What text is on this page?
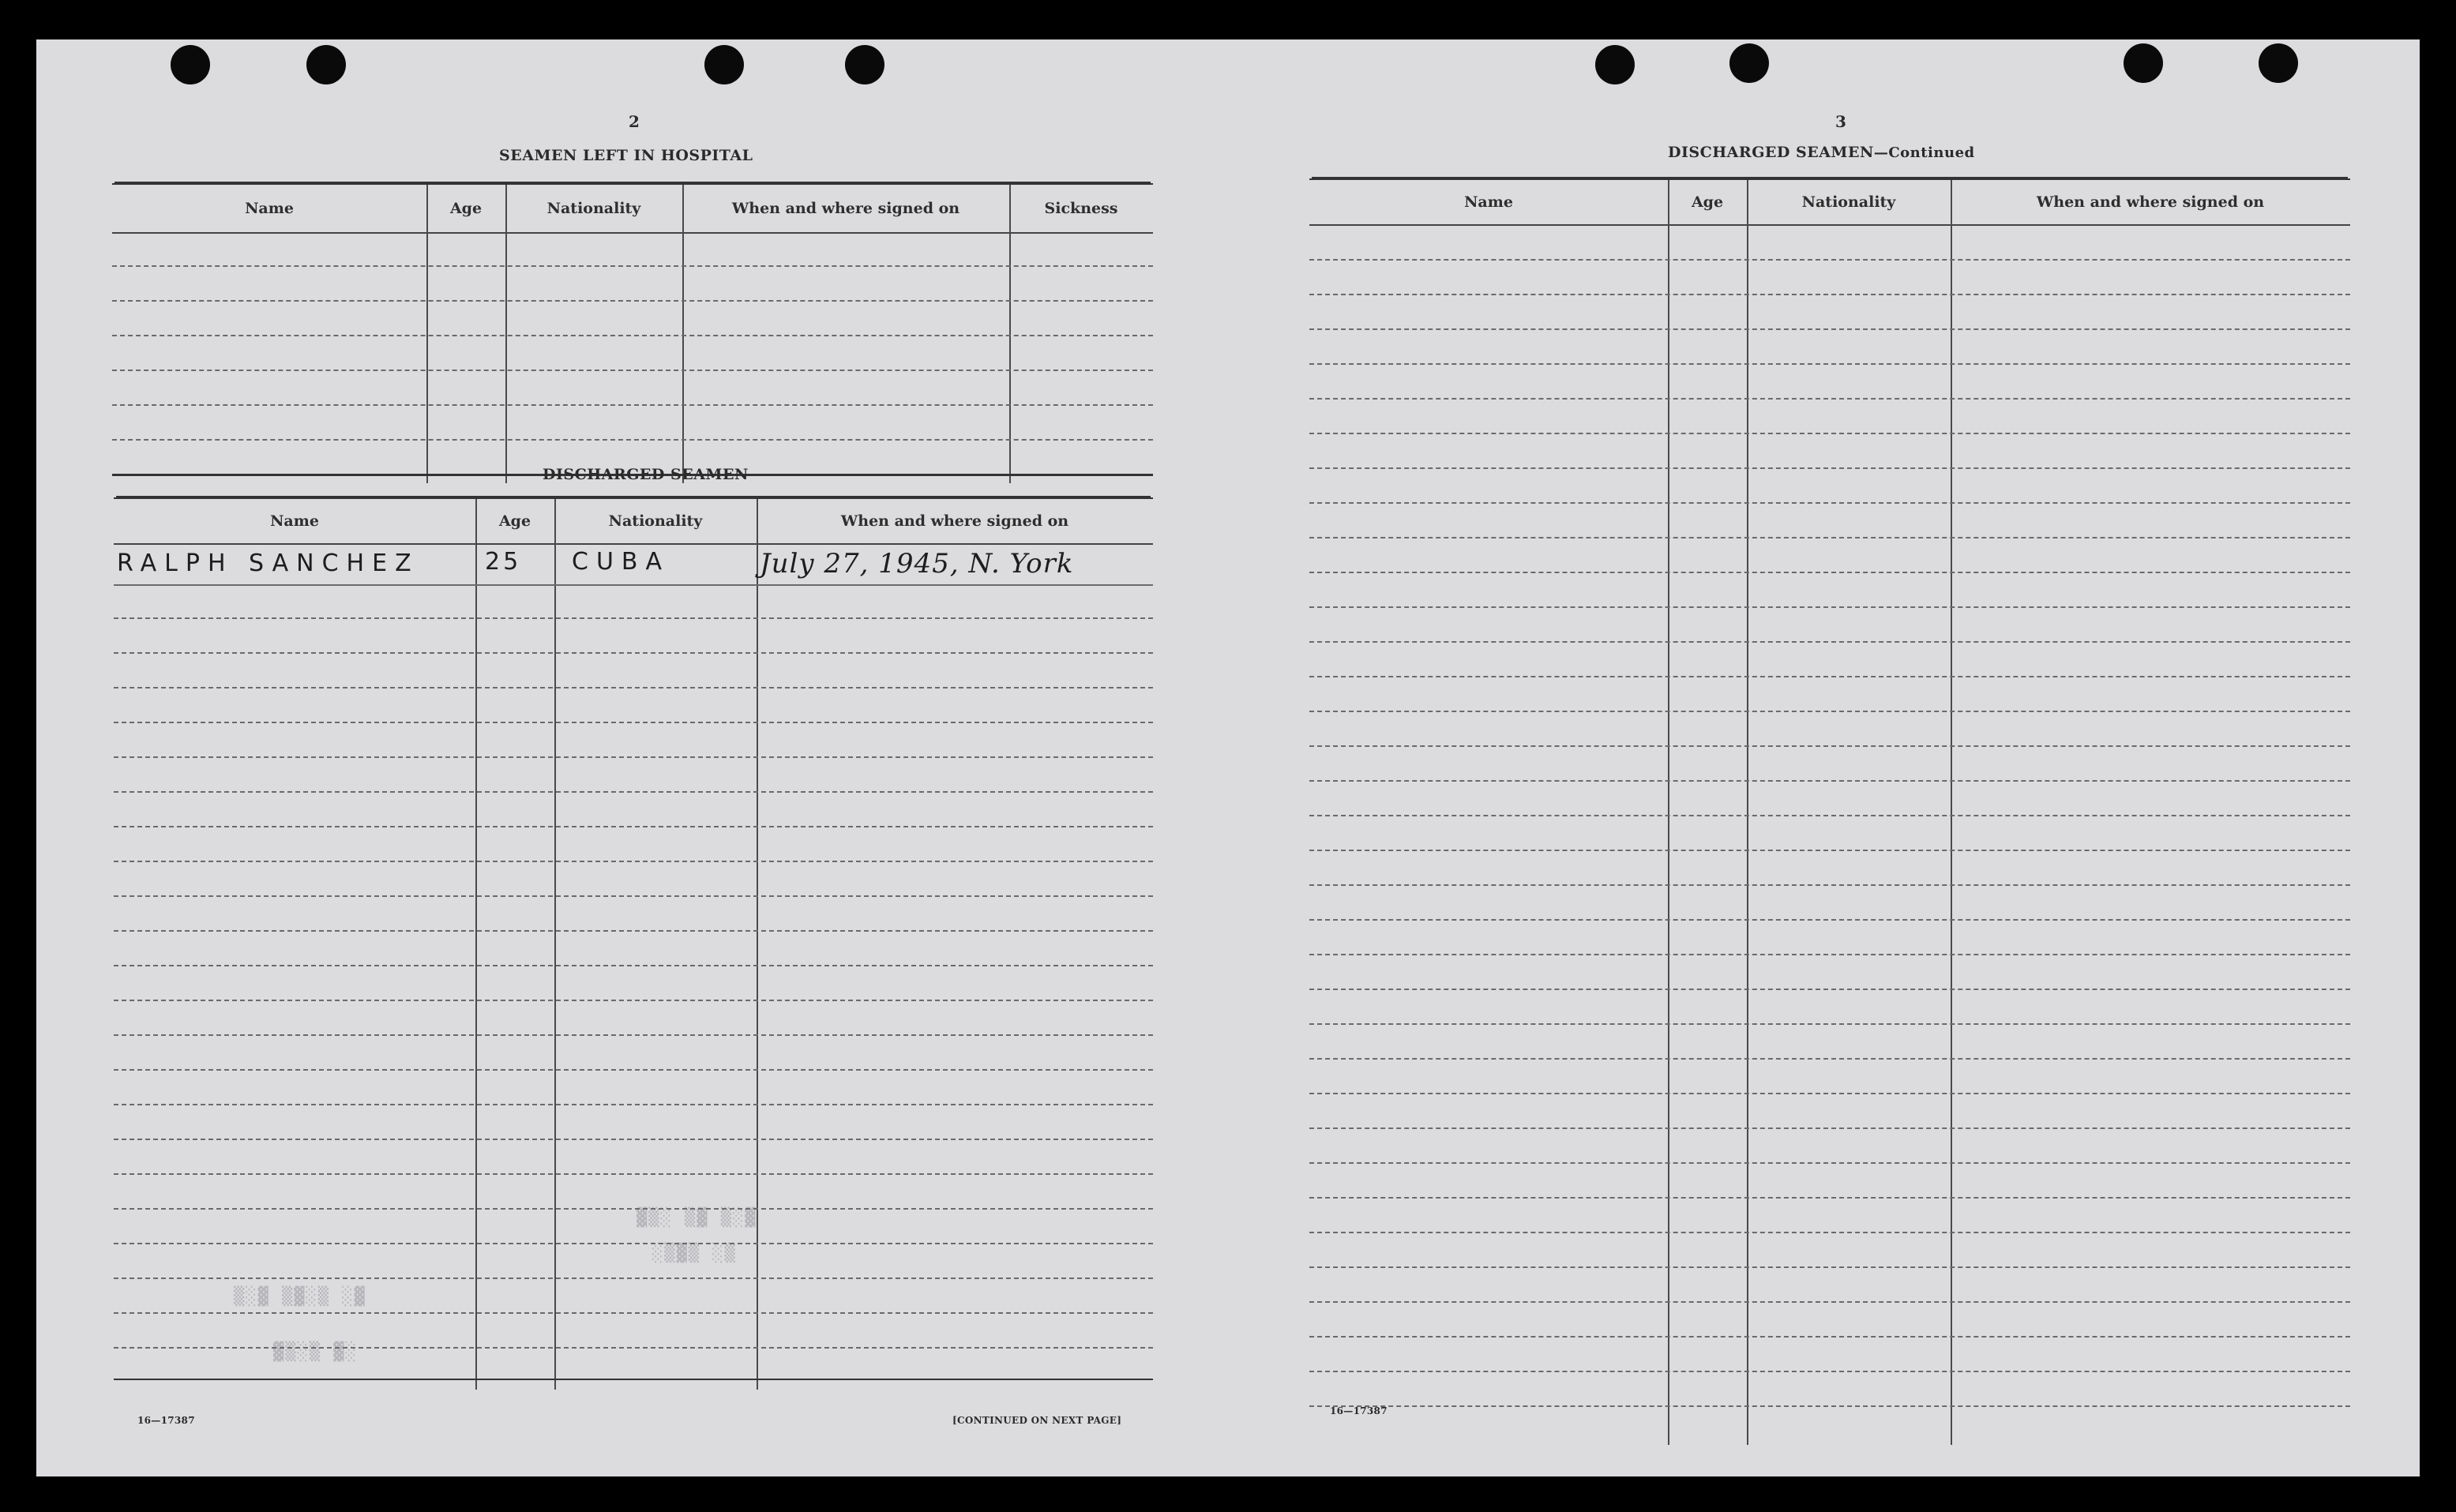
▓▒░ ▒▓ ▒░▓
░▒▓▒ ░▒
▒░▓ ▒▓░▒ ░▓
▓▒░▒ ▓░
2
SEAMEN LEFT IN HOSPITAL
Name	Age	Nationality	When and where signed on	Sickness
DISCHARGED SEAMEN
Name	Age	Nationality	When and where signed on
RALPH SANCHEZ	25 CUBA	July 27, 1945, N. York
16—17387	[CONTINUED ON NEXT PAGE]
3
DISCHARGED SEAMEN—Continued
Name	Age	Nationality	When and where signed on
16—17387
